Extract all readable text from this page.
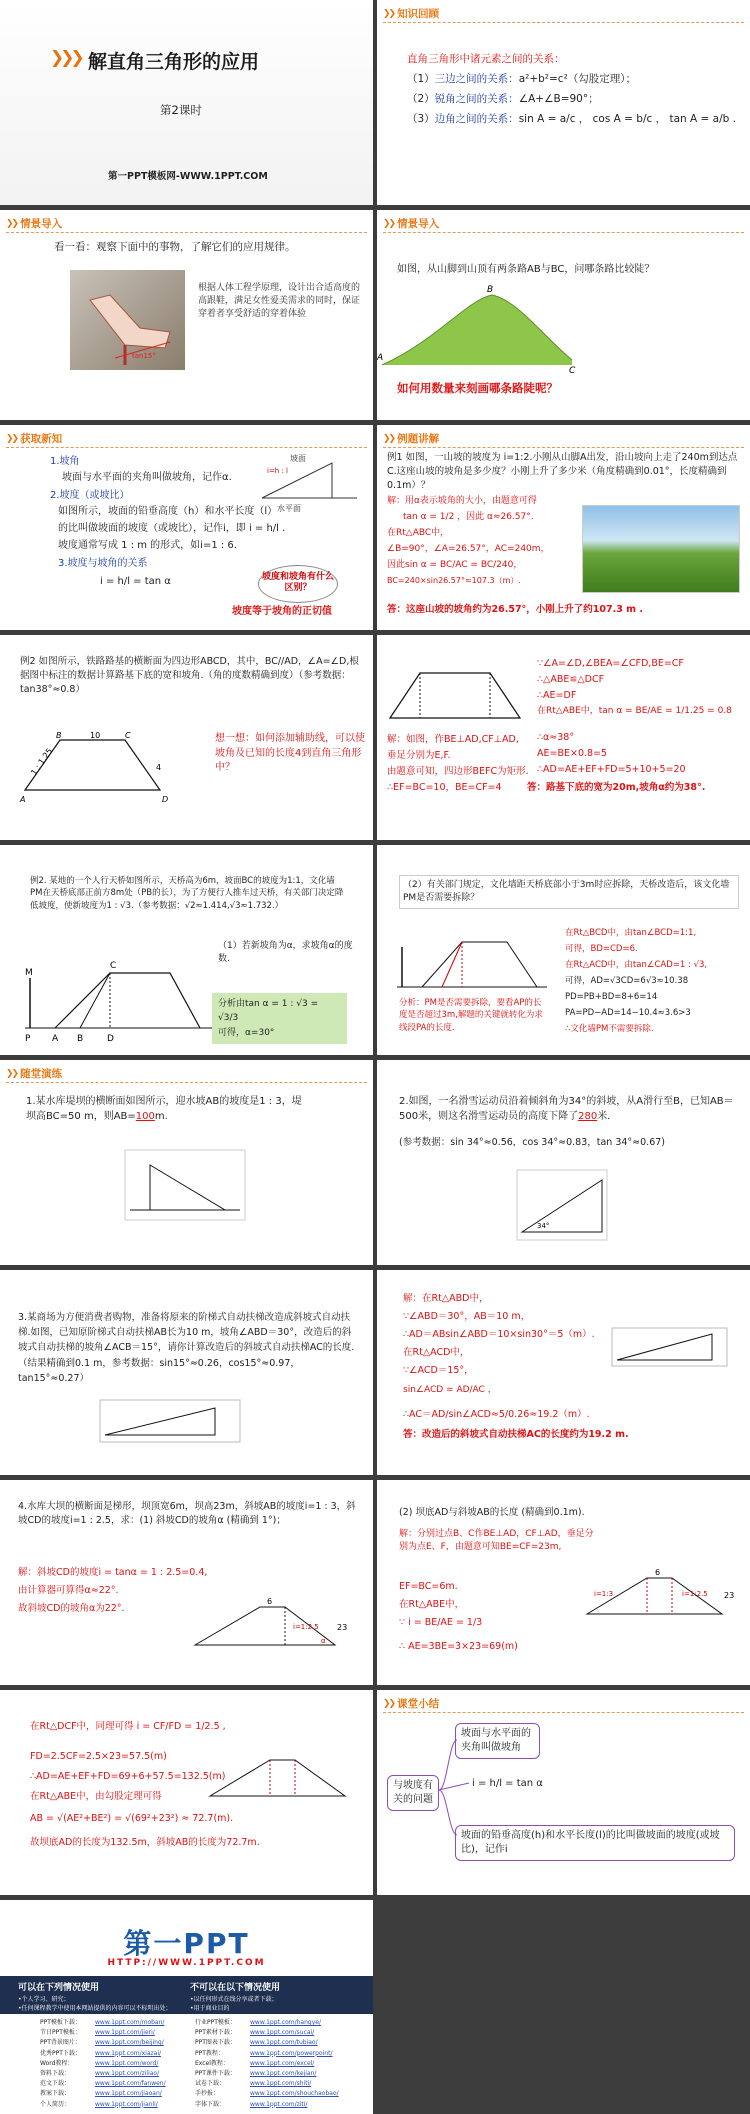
❯❯❯ 解直角三角形的应用
第2课时
第一PPT模板网-WWW.1PPT.COM
❯❯ 知识回顾
直角三角形中诸元素之间的关系：
（1）三边之间的关系：a²+b²=c²（勾股定理）；
（2）锐角之间的关系：∠A+∠B=90°；
（3）边角之间的关系：sin A = a/c ， cos A = b/c ， tan A = a/b .
❯❯ 情景导入
看一看：观察下面中的事物，了解它们的应用规律。
tan15°
根据人体工程学原理，设计出合适高度的高跟鞋，满足女性爱美需求的同时，保证穿着者享受舒适的穿着体验
❯❯ 情景导入
如图，从山脚到山顶有两条路AB与BC，问哪条路比较陡？
A
B
C
如何用数量来刻画哪条路陡呢？
❯❯ 获取新知
1.坡角
坡面与水平面的夹角叫做坡角，记作α.
2.坡度（或坡比）
如图所示，坡面的铅垂高度（h）和水平长度（l）
的比叫做坡面的坡度（或坡比），记作i，即 i = h/l .
坡度通常写成 1 : m 的形式，如i=1 : 6.
3.坡度与坡角的关系
i = h/l = tan α
坡面
i=h : l
水平面
坡度和坡角有什么区别？
坡度等于坡角的正切值
❯❯ 例题讲解
例1 如图，一山坡的坡度为 i=1:2.小刚从山脚A出发，沿山坡向上走了240m到达点C.这座山坡的坡角是多少度？小刚上升了多少米（角度精确到0.01°，长度精确到0.1m）？
解：用α表示坡角的大小，由题意可得
tan α = 1/2 ，因此 α≈26.57°.
在Rt△ABC中，
∠B=90°，∠A=26.57°，AC=240m，
因此sin α = BC/AC = BC/240，
BC=240×sin26.57°≈107.3（m）.
答：这座山坡的坡角约为26.57°，小刚上升了约107.3 m .
例2 如图所示，铁路路基的横断面为四边形ABCD，其中，BC//AD，∠A=∠D,根据图中标注的数据计算路基下底的宽和坡角.（角的度数精确到度）（参考数据：tan38°≈0.8）
1 : 1.25
10
4
A
B	C
D
想一想：如何添加辅助线，可以使坡角及已知的长度4到直角三角形中？
∵∠A=∠D,∠BEA=∠CFD,BE=CF
∴△ABE≌△DCF
∴AE=DF
在Rt△ABE中，tan α = BE/AE = 1/1.25 = 0.8
∴α≈38°
AE=BE×0.8=5
∴AD=AE+EF+FD=5+10+5=20
答：路基下底的宽为20m,坡角α约为38°.
解：如图，作BE⊥AD,CF⊥AD,
垂足分别为E,F.
由题意可知，四边形BEFC为矩形.
∴EF=BC=10，BE=CF=4
例2. 某地的一个人行天桥如图所示，天桥高为6m，坡面BC的坡度为1:1，文化墙PM在天桥底部正前方8m处（PB的长），为了方便行人推车过天桥，有关部门决定降低坡度，使新坡度为1 : √3.（参考数据：√2≈1.414,√3≈1.732.）
M
P A B
C
D
（1）若新坡角为α，求坡角α的度数.
分析由tan α = 1 : √3 = √3/3
可得，α=30°
（2）有关部门规定，文化墙距天桥底部小于3m时应拆除，天桥改造后，该文化墙PM是否需要拆除？
分析：PM是否需要拆除，要看AP的长度是否超过3m,解题的关键就转化为求线段PA的长度.
在Rt△BCD中，由tan∠BCD=1:1,
可得，BD=CD=6.
在Rt△ACD中，由tan∠CAD=1 : √3,
可得，AD=√3CD=6√3≈10.38
PD=PB+BD=8+6=14
PA=PD−AD=14−10.4≈3.6>3
∴文化墙PM不需要拆除.
❯❯ 随堂演练
1.某水库堤坝的横断面如图所示，迎水坡AB的坡度是1 : 3，堤坝高BC=50 m，则AB=100m.
2.如图，一名滑雪运动员沿着倾斜角为34°的斜坡，从A滑行至B，已知AB＝500米，则这名滑雪运动员的高度下降了280米．
(参考数据：sin 34°≈0.56，cos 34°≈0.83，tan 34°≈0.67)
34°
3.某商场为方便消费者购物，准备将原来的阶梯式自动扶梯改造成斜坡式自动扶梯.如图，已知原阶梯式自动扶梯AB长为10 m，坡角∠ABD＝30°，改造后的斜坡式自动扶梯的坡角∠ACB＝15°，请你计算改造后的斜坡式自动扶梯AC的长度.（结果精确到0.1 m，参考数据：sin15°≈0.26，cos15°≈0.97，tan15°≈0.27）
解：在Rt△ABD中，
∵∠ABD＝30°，AB＝10 m，
∴AD＝ABsin∠ABD＝10×sin30°＝5（m）.
在Rt△ACD中，
∵∠ACD＝15°，
sin∠ACD = AD/AC ，
∴AC＝AD/sin∠ACD≈5/0.26≈19.2（m）.
答：改造后的斜坡式自动扶梯AC的长度约为19.2 m.
4.水库大坝的横断面是梯形，坝顶宽6m，坝高23m，斜坡AB的坡度i=1 : 3，斜坡CD的坡度i=1 : 2.5，求：(1) 斜坡CD的坡角α (精确到 1°)；
解：斜坡CD的坡度i = tanα = 1 : 2.5=0.4,
由计算器可算得α≈22°.
故斜坡CD的坡角α为22°.
6
23
i=1:2.5
α
(2) 坝底AD与斜坡AB的长度 (精确到0.1m).
解：分别过点B、C作BE⊥AD，CF⊥AD，垂足分别为点E、F，由题意可知BE=CF=23m,
EF=BC=6m.
在Rt△ABE中，
∵ i = BE/AE = 1/3
∴ AE=3BE=3×23=69(m)
6
23
i=1:3	i=1:2.5
在Rt△DCF中，同理可得 i = CF/FD = 1/2.5 ,
FD=2.5CF=2.5×23=57.5(m)
∴AD=AE+EF+FD=69+6+57.5=132.5(m)
在Rt△ABE中，由勾股定理可得
AB = √(AE²+BE²) = √(69²+23²) ≈ 72.7(m).
故坝底AD的长度为132.5m，斜坡AB的长度为72.7m.
❯❯ 课堂小结
与坡度有关的问题
坡面与水平面的夹角叫做坡角
i = h/l = tan α
坡面的铅垂高度(h)和水平长度(l)的比叫做坡面的坡度(或坡比)，记作i
第一PPT
HTTP://WWW.1PPT.COM
可以在下列情况使用
•个人学习、研究；
•任何课程教学中使用本网站提供的内容可以不标明出处；
不可以在以下情况使用
•以任何形式在线分享或者下载；
•用于商业目的
PPT模板下载：	www.1ppt.com/moban/	行业PPT模板：	www.1ppt.com/hangye/
节日PPT模板：	www.1ppt.com/jieri/	PPT素材下载：	www.1ppt.com/sucai/
PPT背景图片：	www.1ppt.com/beijing/	PPT图表下载：	www.1ppt.com/tubiao/
优秀PPT下载：	www.1ppt.com/xiazai/	PPT教程：	www.1ppt.com/powerpoint/
Word教程：	www.1ppt.com/word/	Excel教程：	www.1ppt.com/excel/
资料下载：	www.1ppt.com/ziliao/	PPT课件下载：	www.1ppt.com/kejian/
范文下载：	www.1ppt.com/fanwen/	试卷下载：	www.1ppt.com/shiti/
教案下载：	www.1ppt.com/jiaoan/	手抄报：	www.1ppt.com/shouchaobao/
个人简历：	www.1ppt.com/jianli/	字体下载：	www.1ppt.com/ziti/
